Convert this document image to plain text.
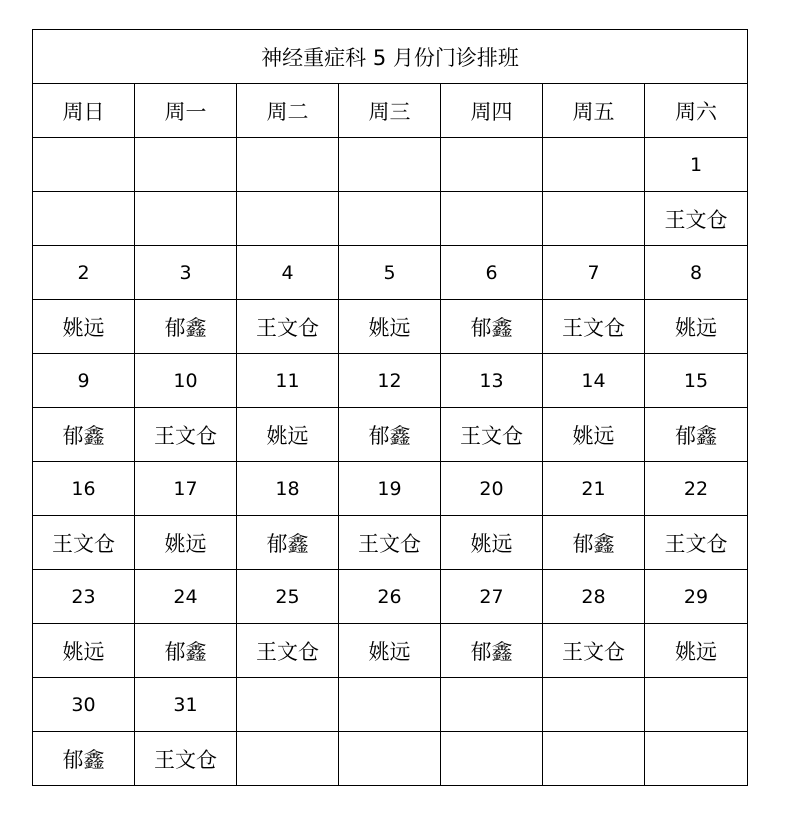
神经重症科 5 月份门诊排班						
周日	周一	周二	周三	周四	周五	周六
						1
						王文仓
2	3	4	5	6	7	8
姚远	郁鑫	王文仓	姚远	郁鑫	王文仓	姚远
9	10	11	12	13	14	15
郁鑫	王文仓	姚远	郁鑫	王文仓	姚远	郁鑫
16	17	18	19	20	21	22
王文仓	姚远	郁鑫	王文仓	姚远	郁鑫	王文仓
23	24	25	26	27	28	29
姚远	郁鑫	王文仓	姚远	郁鑫	王文仓	姚远
30	31					
郁鑫	王文仓					
